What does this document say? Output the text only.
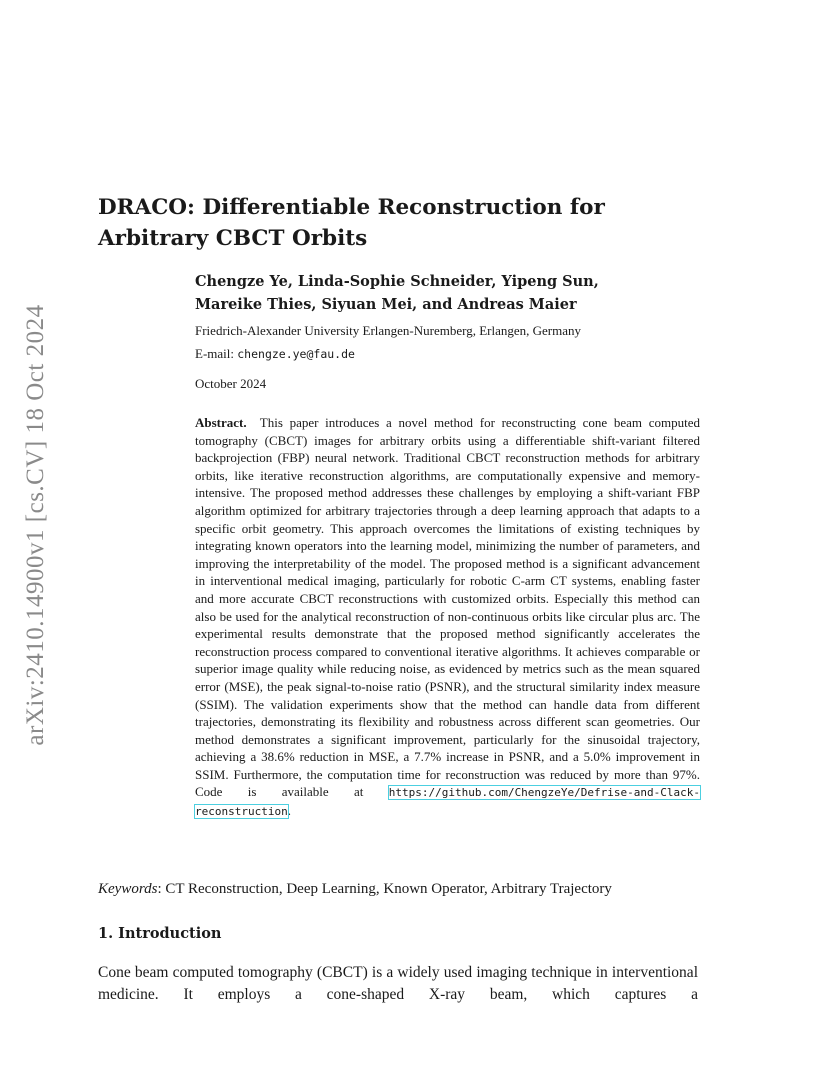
arXiv:2410.14900v1 [cs.CV] 18 Oct 2024
DRACO: Differentiable Reconstruction for
Arbitrary CBCT Orbits

Chengze Ye, Linda-Sophie Schneider, Yipeng Sun,
Mareike Thies, Siyuan Mei, and Andreas Maier

Friedrich-Alexander University Erlangen-Nuremberg, Erlangen, Germany

E-mail: chengze.ye@fau.de

October 2024

Abstract. This paper introduces a novel method for reconstructing cone beam computed tomography (CBCT) images for arbitrary orbits using a differentiable shift-variant filtered backprojection (FBP) neural network. Traditional CBCT reconstruction methods for arbitrary orbits, like iterative reconstruction algorithms, are computationally expensive and memory-intensive. The proposed method addresses these challenges by employing a shift-variant FBP algorithm optimized for arbitrary trajectories through a deep learning approach that adapts to a specific orbit geometry. This approach overcomes the limitations of existing techniques by integrating known operators into the learning model, minimizing the number of parameters, and improving the interpretability of the model. The proposed method is a significant advancement in interventional medical imaging, particularly for robotic C-arm CT systems, enabling faster and more accurate CBCT reconstructions with customized orbits. Especially this method can also be used for the analytical reconstruction of non-continuous orbits like circular plus arc. The experimental results demonstrate that the proposed method significantly accelerates the reconstruction process compared to conventional iterative algorithms. It achieves comparable or superior image quality while reducing noise, as evidenced by metrics such as the mean squared error (MSE), the peak signal-to-noise ratio (PSNR), and the structural similarity index measure (SSIM). The validation experiments show that the method can handle data from different trajectories, demonstrating its flexibility and robustness across different scan geometries. Our method demonstrates a significant improvement, particularly for the sinusoidal trajectory, achieving a 38.6% reduction in MSE, a 7.7% increase in PSNR, and a 5.0% improvement in SSIM. Furthermore, the computation time for reconstruction was reduced by more than 97%. Code is available at https://github.com/ChengzeYe/Defrise-and-Clack-reconstruction.

Keywords: CT Reconstruction, Deep Learning, Known Operator, Arbitrary Trajectory

1. Introduction

Cone beam computed tomography (CBCT) is a widely used imaging technique in interventional medicine. It employs a cone-shaped X-ray beam, which captures a
